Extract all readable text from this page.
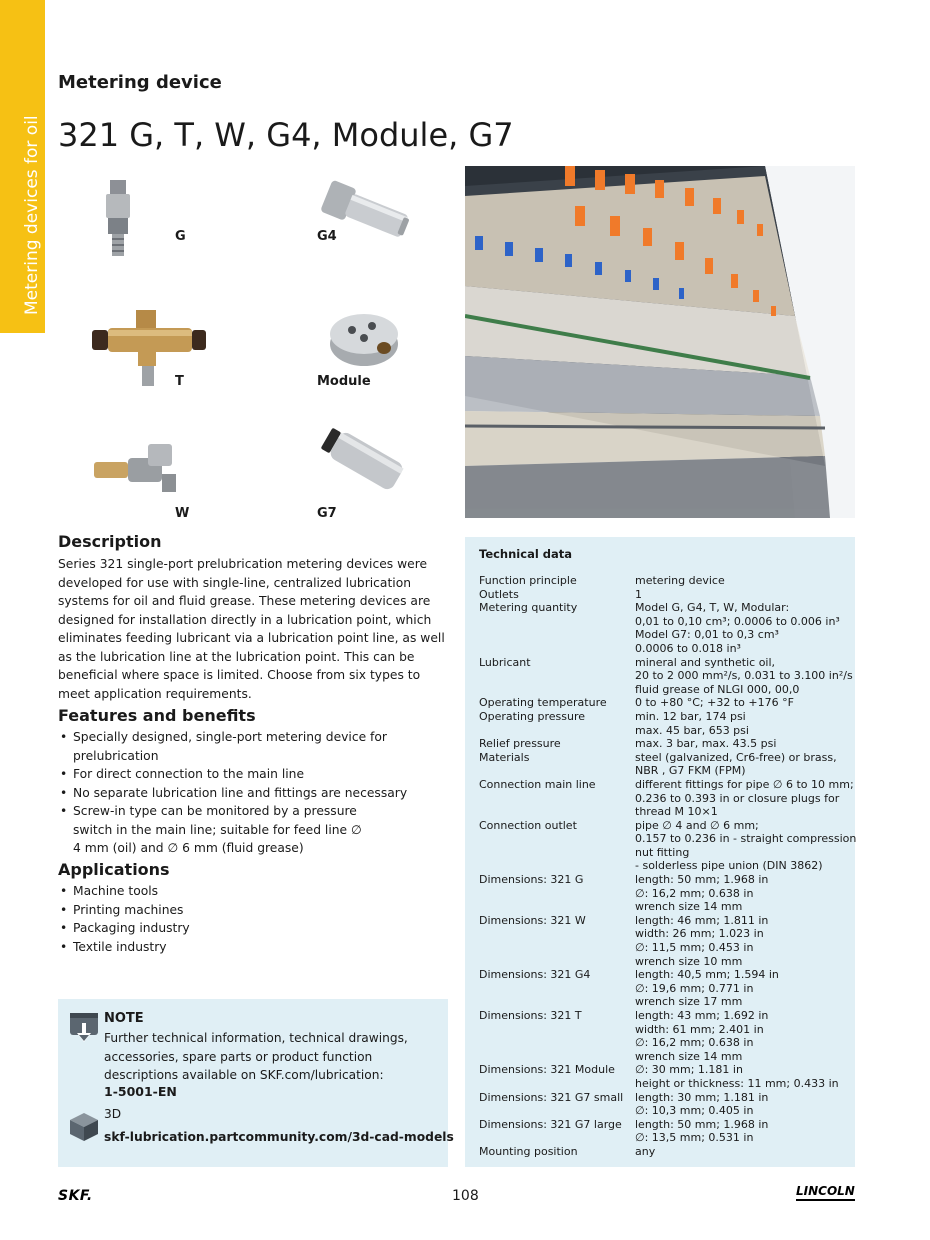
Metering devices for oil
Metering device
321 G, T, W, G4, Module, G7
G	G4
T	Module
W	G7
Description
Series 321 single-port prelubrication metering devices were developed for use with single-line, centralized lubrication systems for oil and fluid grease. These metering devices are designed for installation directly in a lubrication point, which eliminates feeding lubricant via a lubrication point line, as well as the lubrication line at the lubrication point. This can be beneficial where space is limited. Choose from six types to meet application requirements.
Features and benefits
• Specially designed, single-port metering device for prelubrication
• For direct connection to the main line
• No separate lubrication line and fittings are necessary
• Screw-in type can be monitored by a pressure switch in the main line; suitable for feed line ∅ 4 mm (oil) and ∅ 6 mm (fluid grease)
Applications
• Machine tools
• Printing machines
• Packaging industry
• Textile industry
NOTE
Further technical information, technical drawings, accessories, spare parts or product function descriptions available on SKF.com/lubrication:
1-5001-EN
3D
skf-lubrication.partcommunity.com/3d-cad-models
Technical data
Function principle	metering device
Outlets	1
Metering quantity	Model G, G4, T, W, Modular:
0,01 to 0,10 cm³; 0.0006 to 0.006 in³
Model G7: 0,01 to 0,3 cm³
0.0006 to 0.018 in³
Lubricant	mineral and synthetic oil,
20 to 2 000 mm²/s, 0.031 to 3.100 in²/s
fluid grease of NLGI 000, 00,0
Operating temperature	0 to +80 °C; +32 to +176 °F
Operating pressure	min. 12 bar, 174 psi
max. 45 bar, 653 psi
Relief pressure	max. 3 bar, max. 43.5 psi
Materials	steel (galvanized, Cr6-free) or brass,
NBR , G7 FKM (FPM)
Connection main line	different fittings for pipe ∅ 6 to 10 mm;
0.236 to 0.393 in or closure plugs for
thread M 10×1
Connection outlet	pipe ∅ 4 and ∅ 6 mm;
0.157 to 0.236 in - straight compression
nut fitting
- solderless pipe union (DIN 3862)
Dimensions: 321 G	length: 50 mm; 1.968 in
∅: 16,2 mm; 0.638 in
wrench size 14 mm
Dimensions: 321 W	length: 46 mm; 1.811 in
width: 26 mm; 1.023 in
∅: 11,5 mm; 0.453 in
wrench size 10 mm
Dimensions: 321 G4	length: 40,5 mm; 1.594 in
∅: 19,6 mm; 0.771 in
wrench size 17 mm
Dimensions: 321 T	length: 43 mm; 1.692 in
width: 61 mm; 2.401 in
∅: 16,2 mm; 0.638 in
wrench size 14 mm
Dimensions: 321 Module	∅: 30 mm; 1.181 in
height or thickness: 11 mm; 0.433 in
Dimensions: 321 G7 small	length: 30 mm; 1.181 in
∅: 10,3 mm; 0.405 in
Dimensions: 321 G7 large	length: 50 mm; 1.968 in
∅: 13,5 mm; 0.531 in
Mounting position	any
SKF.	108	LINCOLN
